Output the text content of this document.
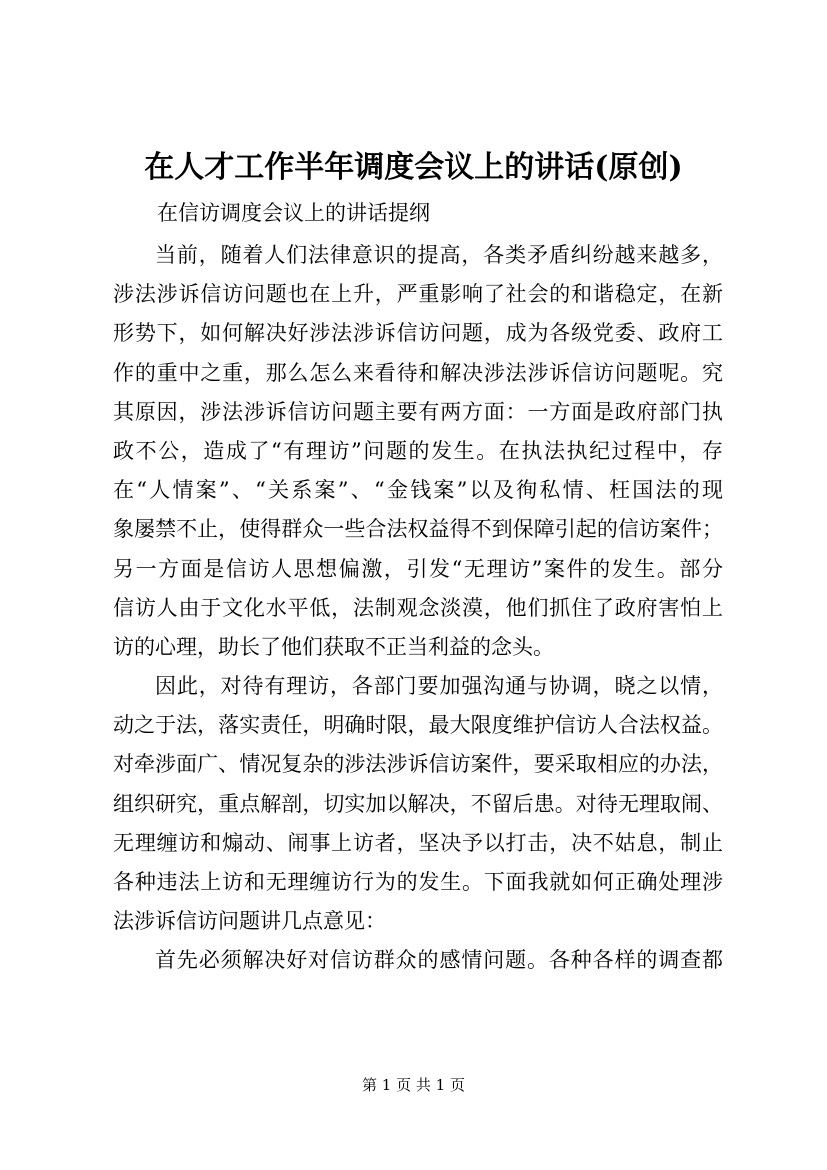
在人才工作半年调度会议上的讲话(原创)
在信访调度会议上的讲话提纲
当前，随着人们法律意识的提高，各类矛盾纠纷越来越多，
涉法涉诉信访问题也在上升，严重影响了社会的和谐稳定，在新
形势下，如何解决好涉法涉诉信访问题，成为各级党委、政府工
作的重中之重，那么怎么来看待和解决涉法涉诉信访问题呢。究
其原因，涉法涉诉信访问题主要有两方面：一方面是政府部门执
政不公，造成了“有理访”问题的发生。在执法执纪过程中，存
在“人情案”、“关系案”、“金钱案”以及徇私情、枉国法的现
象屡禁不止，使得群众一些合法权益得不到保障引起的信访案件；
另一方面是信访人思想偏激，引发“无理访”案件的发生。部分
信访人由于文化水平低，法制观念淡漠，他们抓住了政府害怕上
访的心理，助长了他们获取不正当利益的念头。
因此，对待有理访，各部门要加强沟通与协调，晓之以情，
动之于法，落实责任，明确时限，最大限度维护信访人合法权益。
对牵涉面广、情况复杂的涉法涉诉信访案件，要采取相应的办法，
组织研究，重点解剖，切实加以解决，不留后患。对待无理取闹、
无理缠访和煽动、闹事上访者，坚决予以打击，决不姑息，制止
各种违法上访和无理缠访行为的发生。下面我就如何正确处理涉
法涉诉信访问题讲几点意见：
首先必须解决好对信访群众的感情问题。各种各样的调查都
第 1 页 共 1 页
